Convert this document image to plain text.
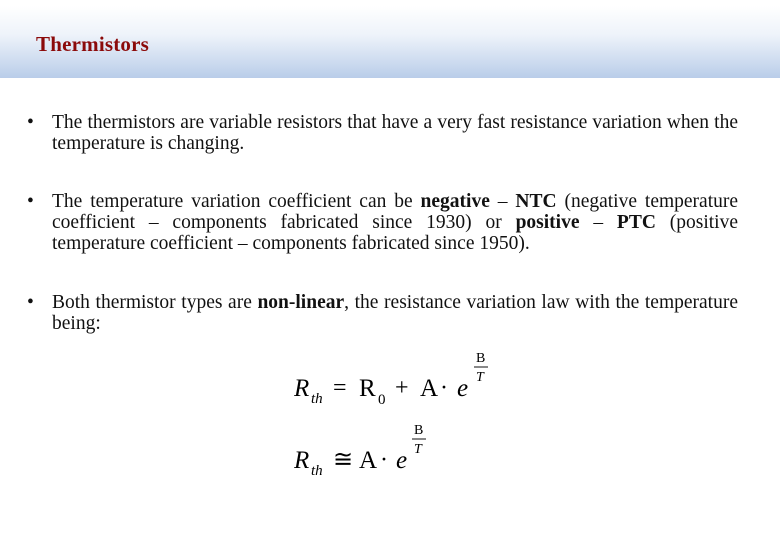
Thermistors
• The thermistors are variable resistors that have a very fast resistance variation when the temperature is changing.
• The temperature variation coefficient can be negative – NTC (negative temperature coefficient – components fabricated since 1930) or positive – PTC (positive temperature coefficient – components fabricated since 1950).
• Both thermistor types are non-linear, the resistance variation law with the temperature being:
R th = R 0 + A · e
B
T
R th ≅ A · e
B
T
